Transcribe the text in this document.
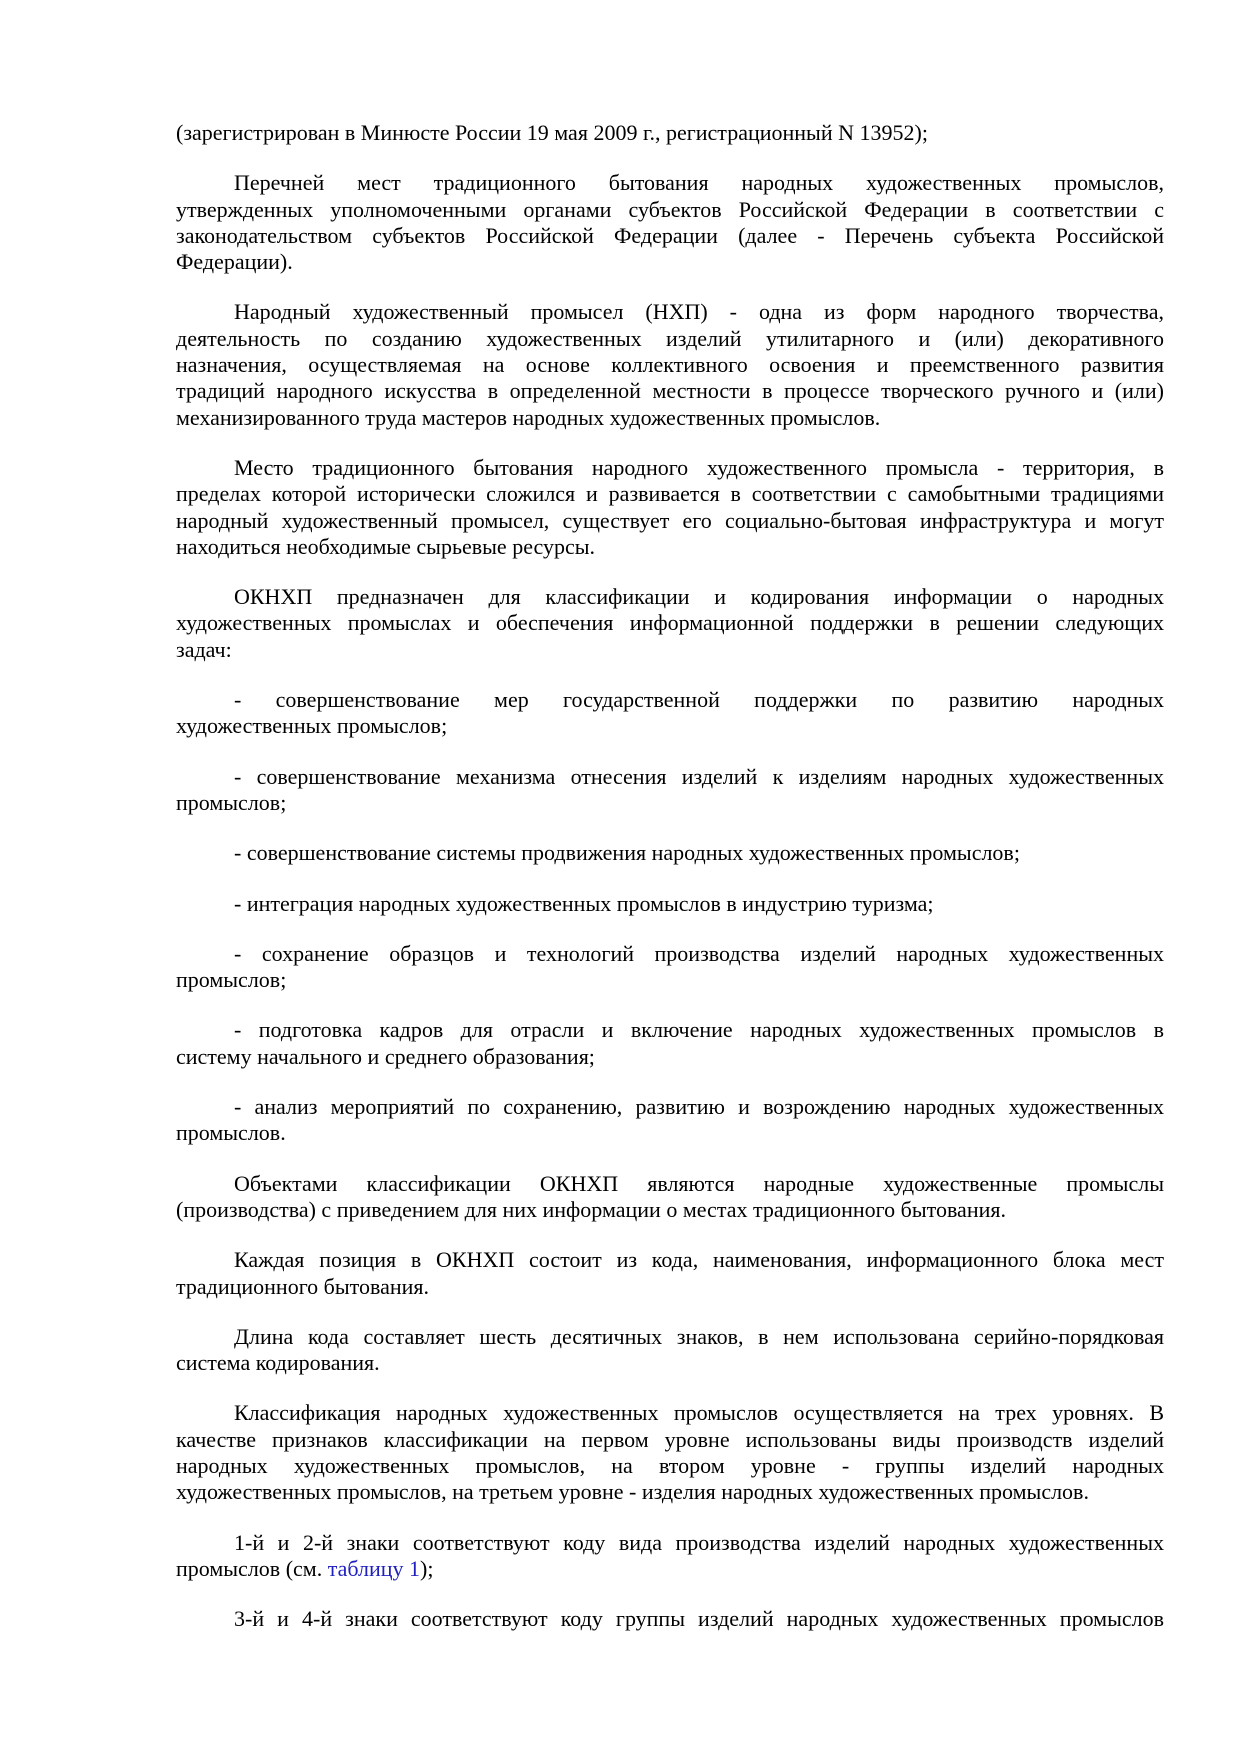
(зарегистрирован в Минюсте России 19 мая 2009 г., регистрационный N 13952);
Перечней мест традиционного бытования народных художественных промыслов,
утвержденных уполномоченными органами субъектов Российской Федерации в соответствии с
законодательством субъектов Российской Федерации (далее - Перечень субъекта Российской
Федерации).
Народный художественный промысел (НХП) - одна из форм народного творчества,
деятельность по созданию художественных изделий утилитарного и (или) декоративного
назначения, осуществляемая на основе коллективного освоения и преемственного развития
традиций народного искусства в определенной местности в процессе творческого ручного и (или)
механизированного труда мастеров народных художественных промыслов.
Место традиционного бытования народного художественного промысла - территория, в
пределах которой исторически сложился и развивается в соответствии с самобытными традициями
народный художественный промысел, существует его социально-бытовая инфраструктура и могут
находиться необходимые сырьевые ресурсы.
ОКНХП предназначен для классификации и кодирования информации о народных
художественных промыслах и обеспечения информационной поддержки в решении следующих
задач:
- совершенствование мер государственной поддержки по развитию народных
художественных промыслов;
- совершенствование механизма отнесения изделий к изделиям народных художественных
промыслов;
- совершенствование системы продвижения народных художественных промыслов;
- интеграция народных художественных промыслов в индустрию туризма;
- сохранение образцов и технологий производства изделий народных художественных
промыслов;
- подготовка кадров для отрасли и включение народных художественных промыслов в
систему начального и среднего образования;
- анализ мероприятий по сохранению, развитию и возрождению народных художественных
промыслов.
Объектами классификации ОКНХП являются народные художественные промыслы
(производства) с приведением для них информации о местах традиционного бытования.
Каждая позиция в ОКНХП состоит из кода, наименования, информационного блока мест
традиционного бытования.
Длина кода составляет шесть десятичных знаков, в нем использована серийно-порядковая
система кодирования.
Классификация народных художественных промыслов осуществляется на трех уровнях. В
качестве признаков классификации на первом уровне использованы виды производств изделий
народных художественных промыслов, на втором уровне - группы изделий народных
художественных промыслов, на третьем уровне - изделия народных художественных промыслов.
1-й и 2-й знаки соответствуют коду вида производства изделий народных художественных
промыслов (см. таблицу 1);
3-й и 4-й знаки соответствуют коду группы изделий народных художественных промыслов
